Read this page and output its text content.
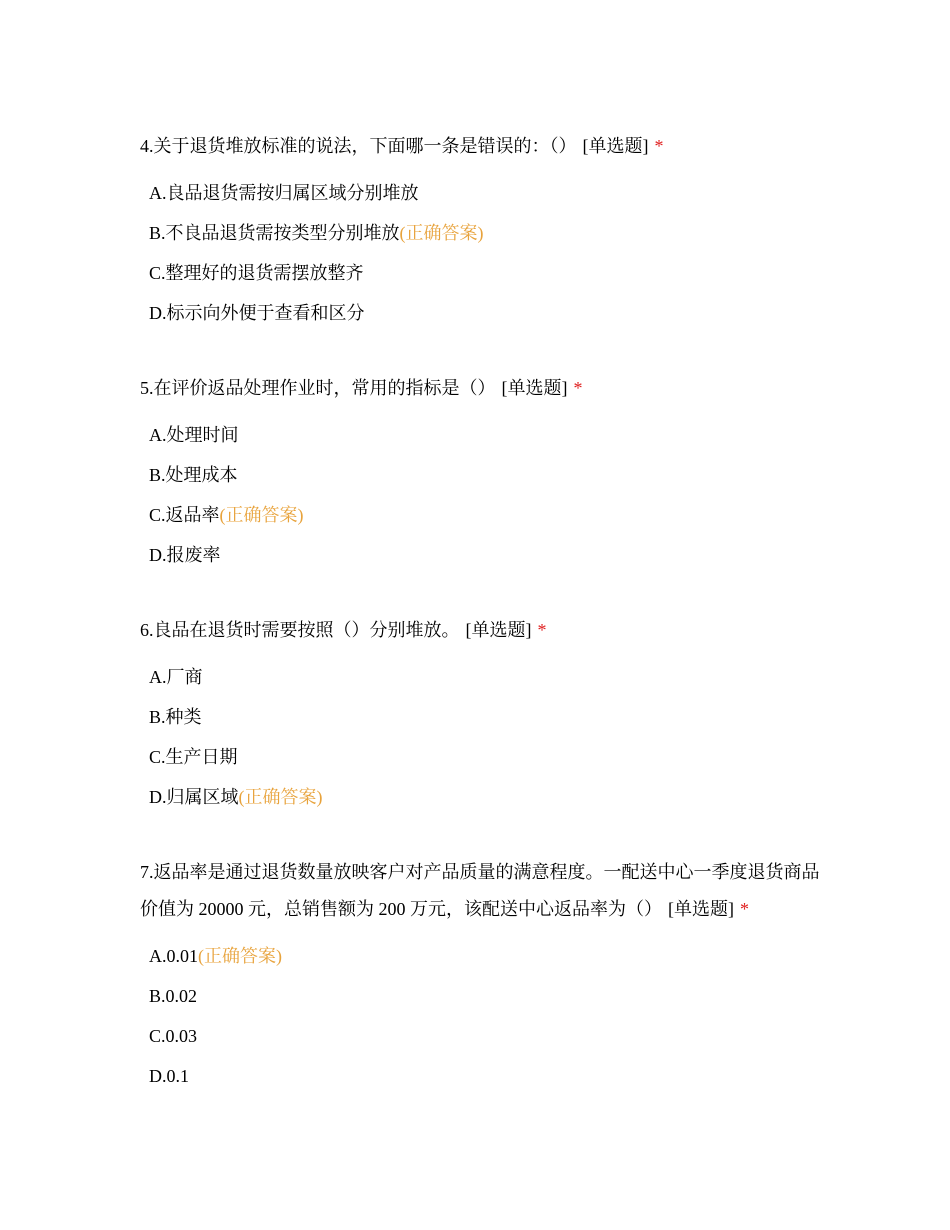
4.关于退货堆放标准的说法，下面哪一条是错误的：（） [单选题] *

A.良品退货需按归属区域分别堆放
B.不良品退货需按类型分别堆放(正确答案)
C.整理好的退货需摆放整齐
D.标示向外便于查看和区分

5.在评价返品处理作业时，常用的指标是（） [单选题] *

A.处理时间
B.处理成本
C.返品率(正确答案)
D.报废率

6.良品在退货时需要按照（）分别堆放。 [单选题] *

A.厂商
B.种类
C.生产日期
D.归属区域(正确答案)

7.返品率是通过退货数量放映客户对产品质量的满意程度。一配送中心一季度退货商品价值为 20000 元，总销售额为 200 万元，该配送中心返品率为（） [单选题] *

A.0.01(正确答案)
B.0.02
C.0.03
D.0.1
